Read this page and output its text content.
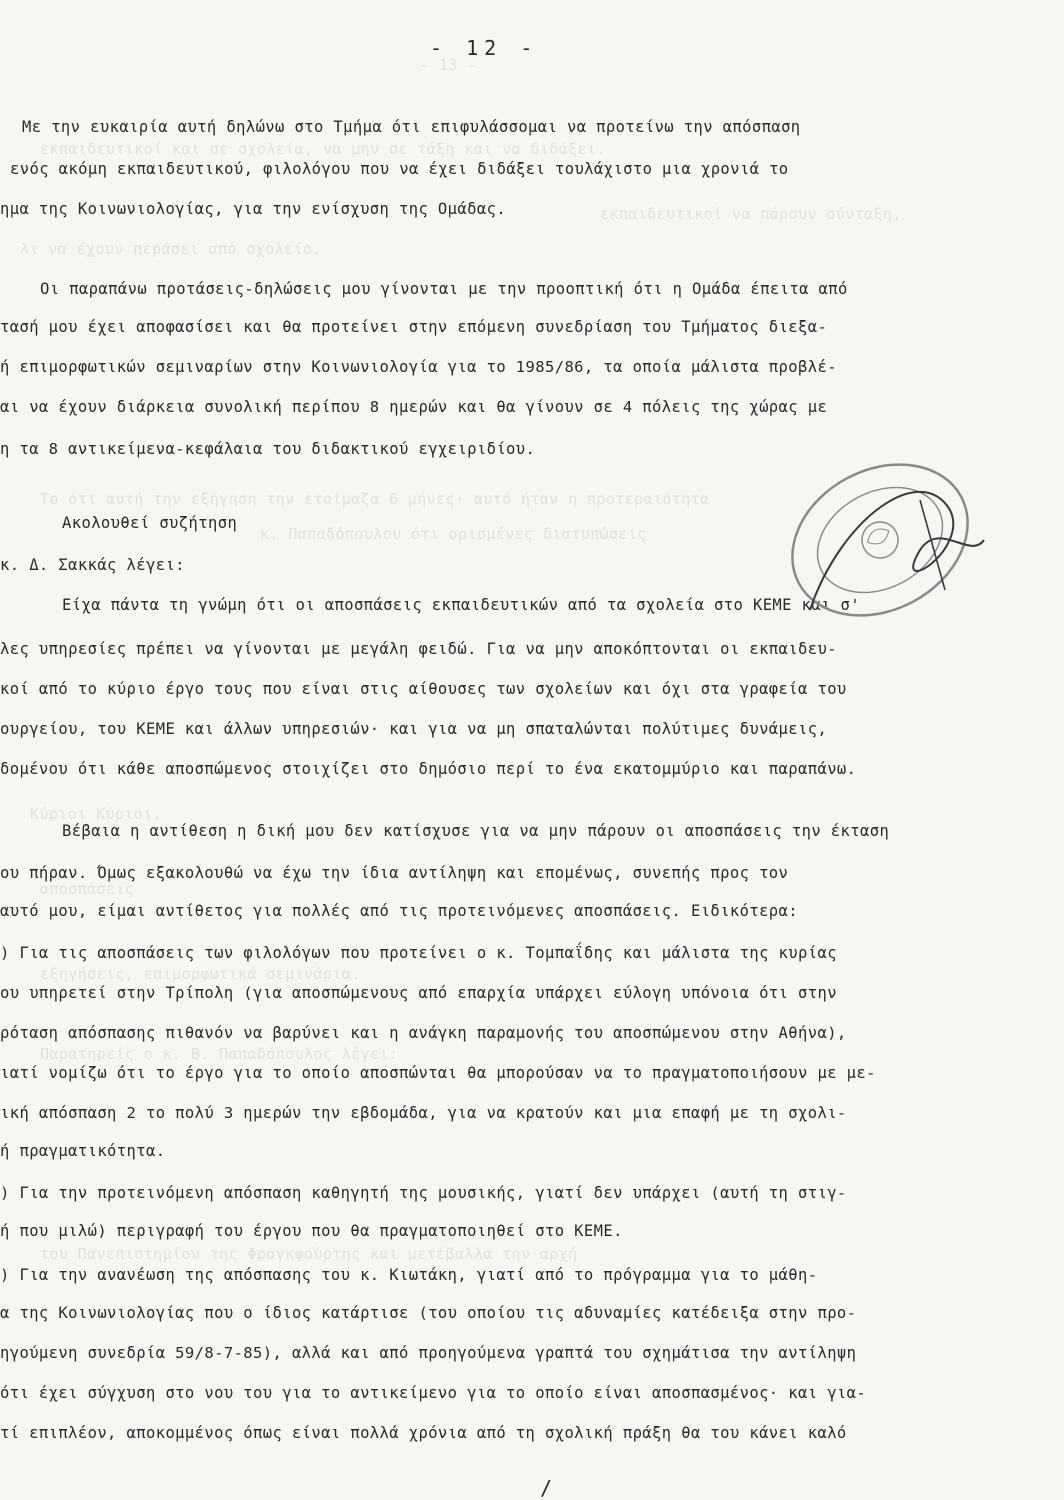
- 13 -
εκπαιδευτικοί και σε σχολεία, να μην σε τάξη και να διδάξει.
εκπαιδευτικοί να πάρουν σύνταξη,
λι να έχουν περάσει από σχολείο.
Το ότι αυτή την εξήγηση την ετοίμαζα 6 μήνες· αυτό ήταν η προτεραιότητα
κ. Παπαδόπουλου ότι ορισμένες διατυπώσεις
Κύριοι Κύριοι,
αποσπάσεις
εξηγήσεις, επιμορφωτικά σεμινάρια.
Παρατηρείς ο κ. Β. Παπαδόπουλος λέγει:
του Πανεπιστημίου της Φραγκφούρτης και μετέβαλλα την αρχή
- 12 -
Με την ευκαιρία αυτή δηλώνω στο Τμήμα ότι επιφυλάσσομαι να προτείνω την απόσπαση
ενός ακόμη εκπαιδευτικού, φιλολόγου που να έχει διδάξει τουλάχιστο μια χρονιά το
ημα της Κοινωνιολογίας, για την ενίσχυση της Ομάδας.
Οι παραπάνω προτάσεις-δηλώσεις μου γίνονται με την προοπτική ότι η Ομάδα έπειτα από
τασή μου έχει αποφασίσει και θα προτείνει στην επόμενη συνεδρίαση του Τμήματος διεξα-
ή επιμορφωτικών σεμιναρίων στην Κοινωνιολογία για το 1985/86, τα οποία μάλιστα προβλέ-
αι να έχουν διάρκεια συνολική περίπου 8 ημερών και θα γίνουν σε 4 πόλεις της χώρας με
η τα 8 αντικείμενα-κεφάλαια του διδακτικού εγχειριδίου.
Ακολουθεί συζήτηση
κ. Δ. Σακκάς λέγει:
Είχα πάντα τη γνώμη ότι οι αποσπάσεις εκπαιδευτικών από τα σχολεία στο ΚΕΜΕ και σ'
λες υπηρεσίες πρέπει να γίνονται με μεγάλη φειδώ. Για να μην αποκόπτονται οι εκπαιδευ-
κοί από το κύριο έργο τους που είναι στις αίθουσες των σχολείων και όχι στα γραφεία του
ουργείου, του ΚΕΜΕ και άλλων υπηρεσιών· και για να μη σπαταλώνται πολύτιμες δυνάμεις,
δομένου ότι κάθε αποσπώμενος στοιχίζει στο δημόσιο περί το ένα εκατομμύριο και παραπάνω.
Βέβαια η αντίθεση η δική μου δεν κατίσχυσε για να μην πάρουν οι αποσπάσεις την έκταση
ου πήραν. Όμως εξακολουθώ να έχω την ίδια αντίληψη και επομένως, συνεπής προς τον
αυτό μου, είμαι αντίθετος για πολλές από τις προτεινόμενες αποσπάσεις. Ειδικότερα:
) Για τις αποσπάσεις των φιλολόγων που προτείνει ο κ. Τομπαΐδης και μάλιστα της κυρίας
ου υπηρετεί στην Τρίπολη (για αποσπώμενους από επαρχία υπάρχει εύλογη υπόνοια ότι στην
ρόταση απόσπασης πιθανόν να βαρύνει και η ανάγκη παραμονής του αποσπώμενου στην Αθήνα),
ιατί νομίζω ότι το έργο για το οποίο αποσπώνται θα μπορούσαν να το πραγματοποιήσουν με με-
ική απόσπαση 2 το πολύ 3 ημερών την εβδομάδα, για να κρατούν και μια επαφή με τη σχολι-
ή πραγματικότητα.
) Για την προτεινόμενη απόσπαση καθηγητή της μουσικής, γιατί δεν υπάρχει (αυτή τη στιγ-
ή που μιλώ) περιγραφή του έργου που θα πραγματοποιηθεί στο ΚΕΜΕ.
) Για την ανανέωση της απόσπασης του κ. Κιωτάκη, γιατί από το πρόγραμμα για το μάθη-
α της Κοινωνιολογίας που ο ίδιος κατάρτισε (του οποίου τις αδυναμίες κατέδειξα στην προ-
ηγούμενη συνεδρία 59/8-7-85), αλλά και από προηγούμενα γραπτά του σχημάτισα την αντίληψη
ότι έχει σύγχυση στο νου του για το αντικείμενο για το οποίο είναι αποσπασμένος· και για-
τί επιπλέον, αποκομμένος όπως είναι πολλά χρόνια από τη σχολική πράξη θα του κάνει καλό
/
